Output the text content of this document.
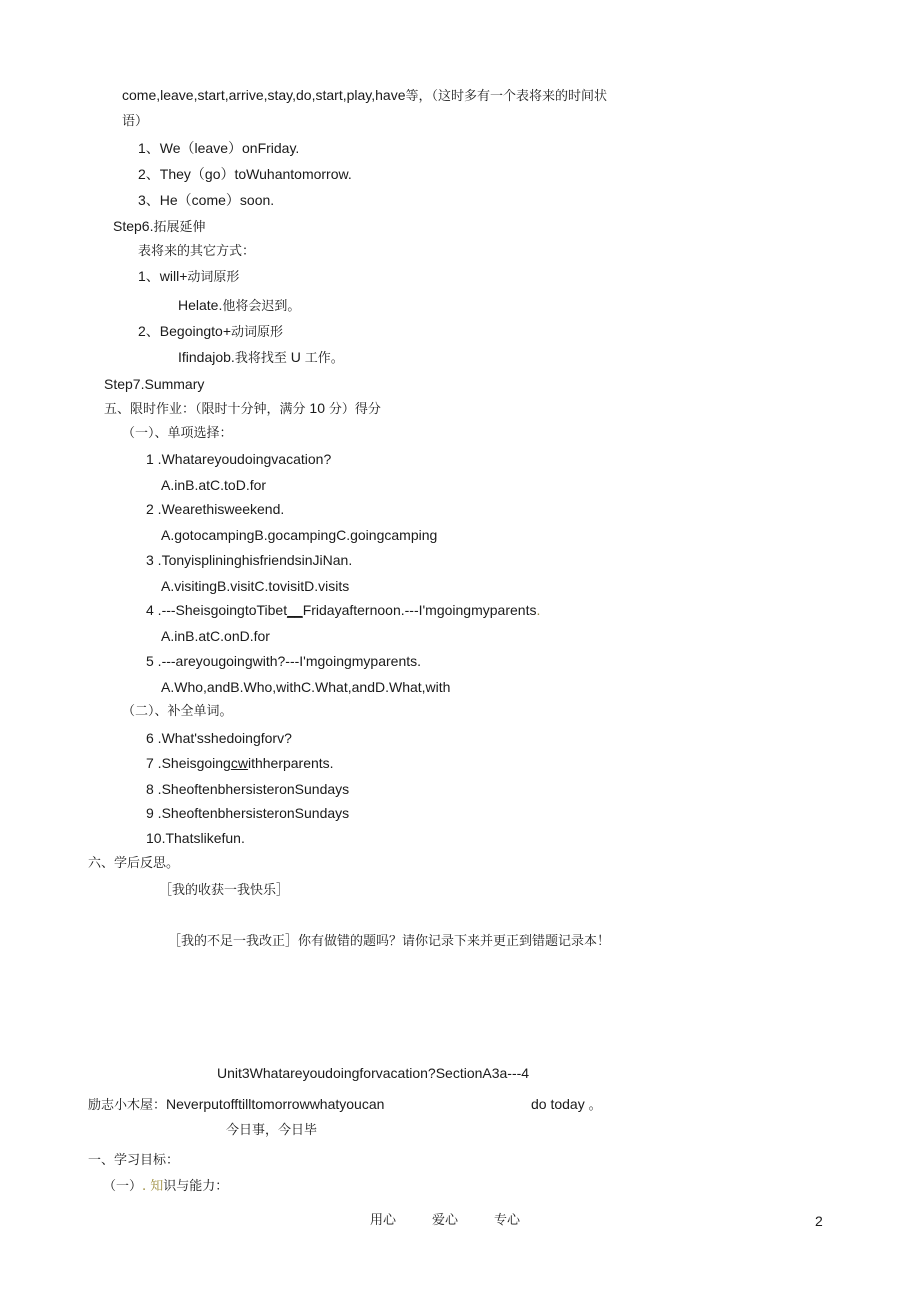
come,leave,start,arrive,stay,do,start,play,have等，（这时多有一个表将来的时间状
语）
1、We（leave）onFriday.
2、They（go）toWuhantomorrow.
3、He（come）soon.
Step6.拓展延伸
表将来的其它方式：
1、will+动词原形
Helate.他将会迟到。
2、Begoingto+动词原形
Ifindajob.我将找至 U 工作。
Step7.Summary
五、限时作业：（限时十分钟，满分 10 分）得分
（一）、单项选择：
1 .Whatareyoudoingvacation?
A.inB.atC.toD.for
2 .Wearethisweekend.
A.gotocampingB.gocampingC.goingcamping
3 .TonyisplininghisfriendsinJiNan.
A.visitingB.visitC.tovisitD.visits
4 .---SheisgoingtoTibet__Fridayafternoon.---I'mgoingmyparents.
A.inB.atC.onD.for
5 .---areyougoingwith?---I'mgoingmyparents.
A.Who,andB.Who,withC.What,andD.What,with
（二）、补全单词。
6 .What'sshedoingforv?
7 .Sheisgoingcwithherparents.
8 .SheoftenbhersisteronSundays
9 .SheoftenbhersisteronSundays
10.Thatslikefun.
六、学后反思。
［我的收获一我快乐］
［我的不足一我改正］你有做错的题吗？请你记录下来并更正到错题记录本！
Unit3Whatareyoudoingforvacation?SectionA3a---4
励志小木屋：Neverputofftilltomorrowwhatyoucan	do today 。
今日事，今日毕
一、学习目标：
（一）. 知识与能力：
用心	爱心	专心	2
